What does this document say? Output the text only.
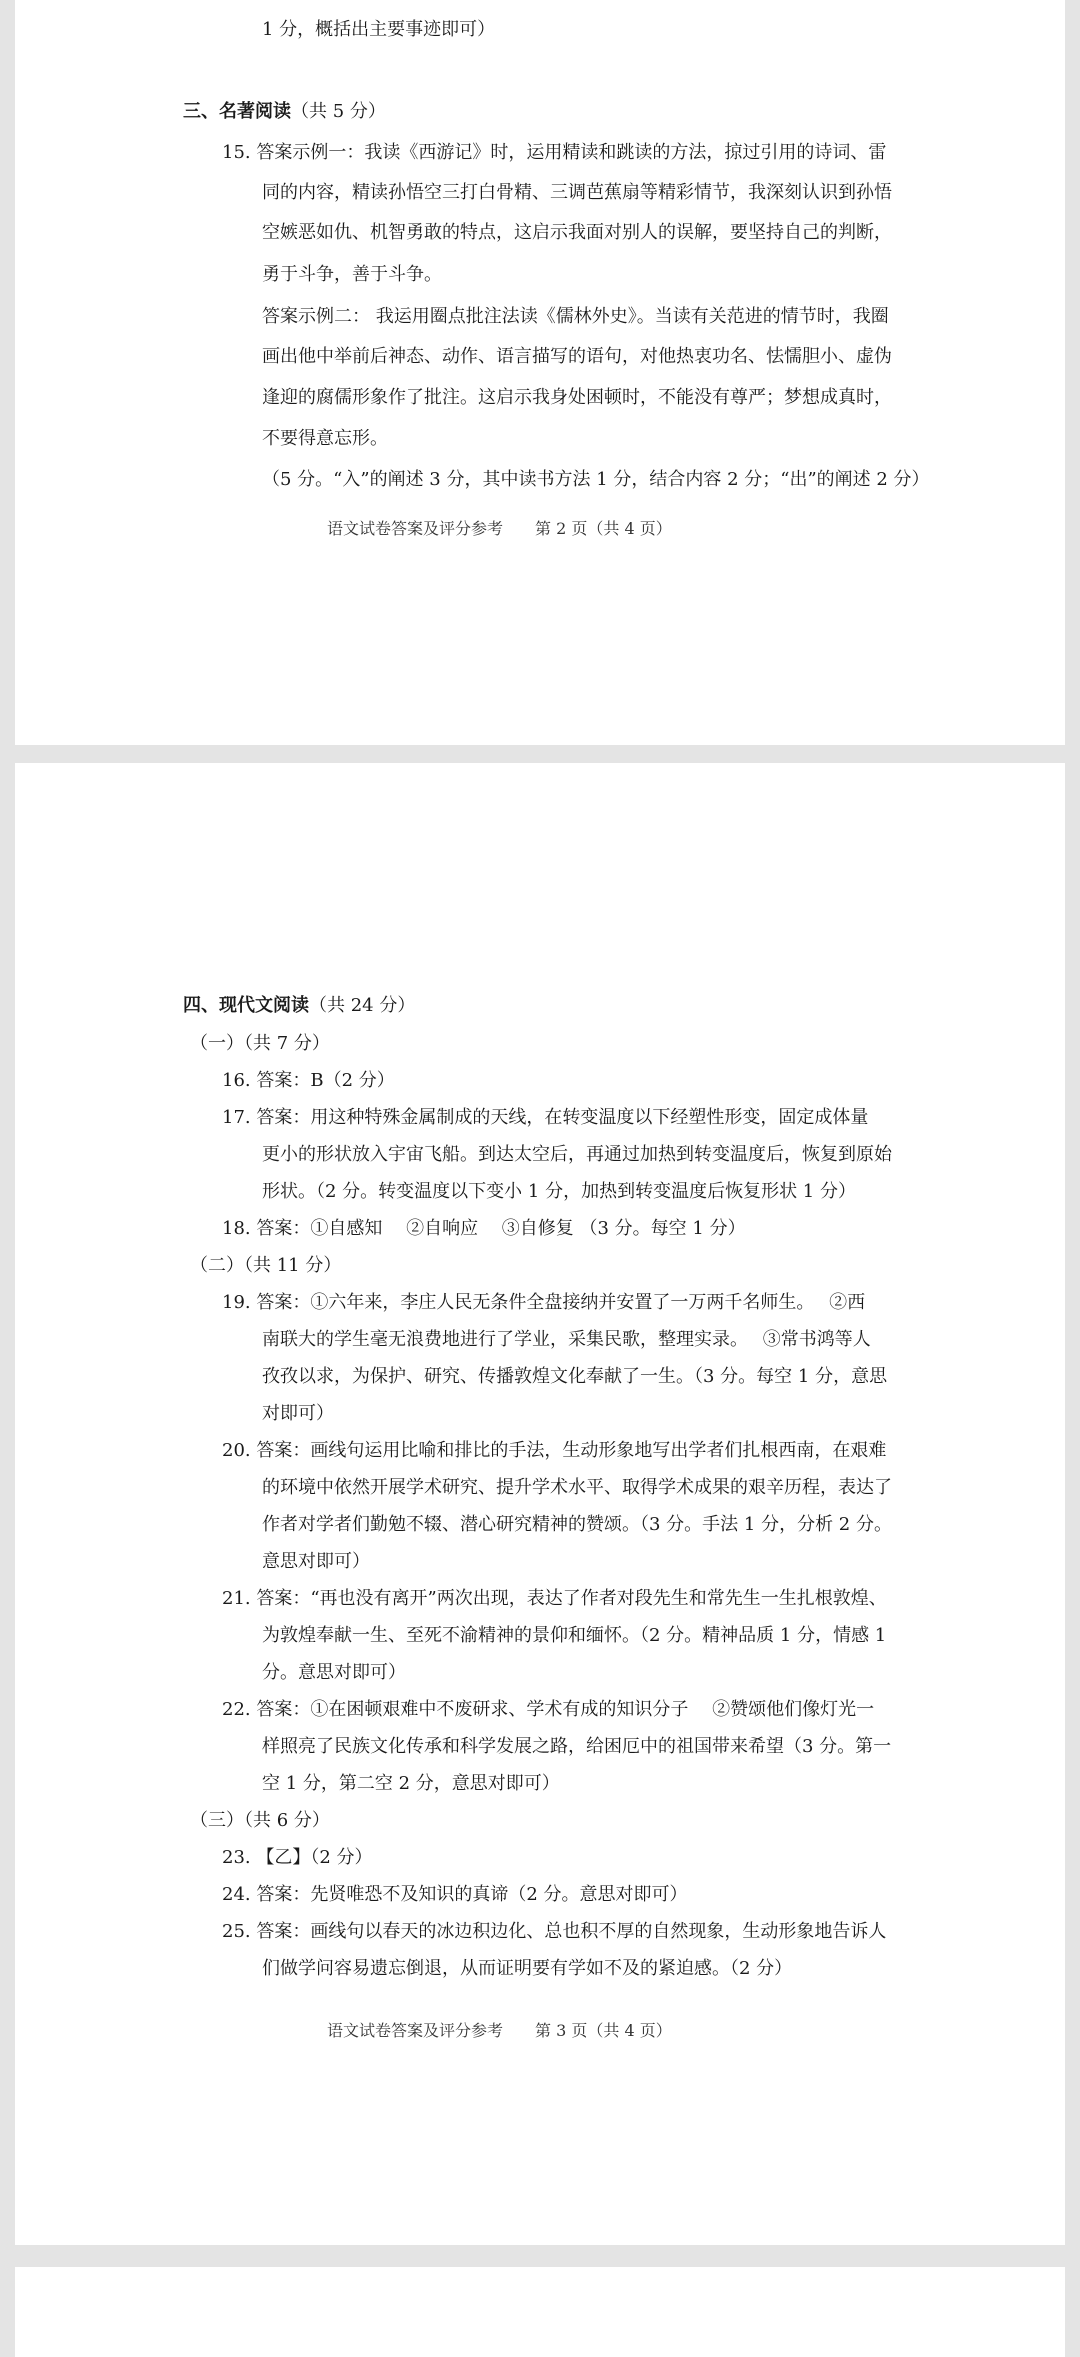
1 分，概括出主要事迹即可）
三、名著阅读（共 5 分）
15. 答案示例一：我读《西游记》时，运用精读和跳读的方法，掠过引用的诗词、雷
同的内容，精读孙悟空三打白骨精、三调芭蕉扇等精彩情节，我深刻认识到孙悟
空嫉恶如仇、机智勇敢的特点，这启示我面对别人的误解，要坚持自己的判断，
勇于斗争，善于斗争。
答案示例二： 我运用圈点批注法读《儒林外史》。当读有关范进的情节时，我圈
画出他中举前后神态、动作、语言描写的语句，对他热衷功名、怯懦胆小、虚伪
逢迎的腐儒形象作了批注。这启示我身处困顿时，不能没有尊严；梦想成真时，
不要得意忘形。
（5 分。“入”的阐述 3 分，其中读书方法 1 分，结合内容 2 分；“出”的阐述 2 分）
语文试卷答案及评分参考　　第 2 页（共 4 页）
四、现代文阅读（共 24 分）
（一）（共 7 分）
16. 答案：B（2 分）
17. 答案：用这种特殊金属制成的天线，在转变温度以下经塑性形变，固定成体量
更小的形状放入宇宙飞船。到达太空后，再通过加热到转变温度后，恢复到原始
形状。（2 分。转变温度以下变小 1 分，加热到转变温度后恢复形状 1 分）
18. 答案：①自感知　 ②自响应　 ③自修复 （3 分。每空 1 分）
（二）（共 11 分）
19. 答案：①六年来，李庄人民无条件全盘接纳并安置了一万两千名师生。　 ②西
南联大的学生毫无浪费地进行了学业，采集民歌，整理实录。　 ③常书鸿等人
孜孜以求，为保护、研究、传播敦煌文化奉献了一生。（3 分。每空 1 分，意思
对即可）
20. 答案：画线句运用比喻和排比的手法，生动形象地写出学者们扎根西南，在艰难
的环境中依然开展学术研究、提升学术水平、取得学术成果的艰辛历程，表达了
作者对学者们勤勉不辍、潜心研究精神的赞颂。（3 分。手法 1 分，分析 2 分。
意思对即可）
21. 答案：“再也没有离开”两次出现，表达了作者对段先生和常先生一生扎根敦煌、
为敦煌奉献一生、至死不渝精神的景仰和缅怀。（2 分。精神品质 1 分，情感 1
分。意思对即可）
22. 答案：①在困顿艰难中不废研求、学术有成的知识分子　 ②赞颂他们像灯光一
样照亮了民族文化传承和科学发展之路，给困厄中的祖国带来希望（3 分。第一
空 1 分，第二空 2 分，意思对即可）
（三）（共 6 分）
23. 【乙】（2 分）
24. 答案：先贤唯恐不及知识的真谛（2 分。意思对即可）
25. 答案：画线句以春天的冰边积边化、总也积不厚的自然现象，生动形象地告诉人
们做学问容易遗忘倒退，从而证明要有学如不及的紧迫感。（2 分）
语文试卷答案及评分参考　　第 3 页（共 4 页）
